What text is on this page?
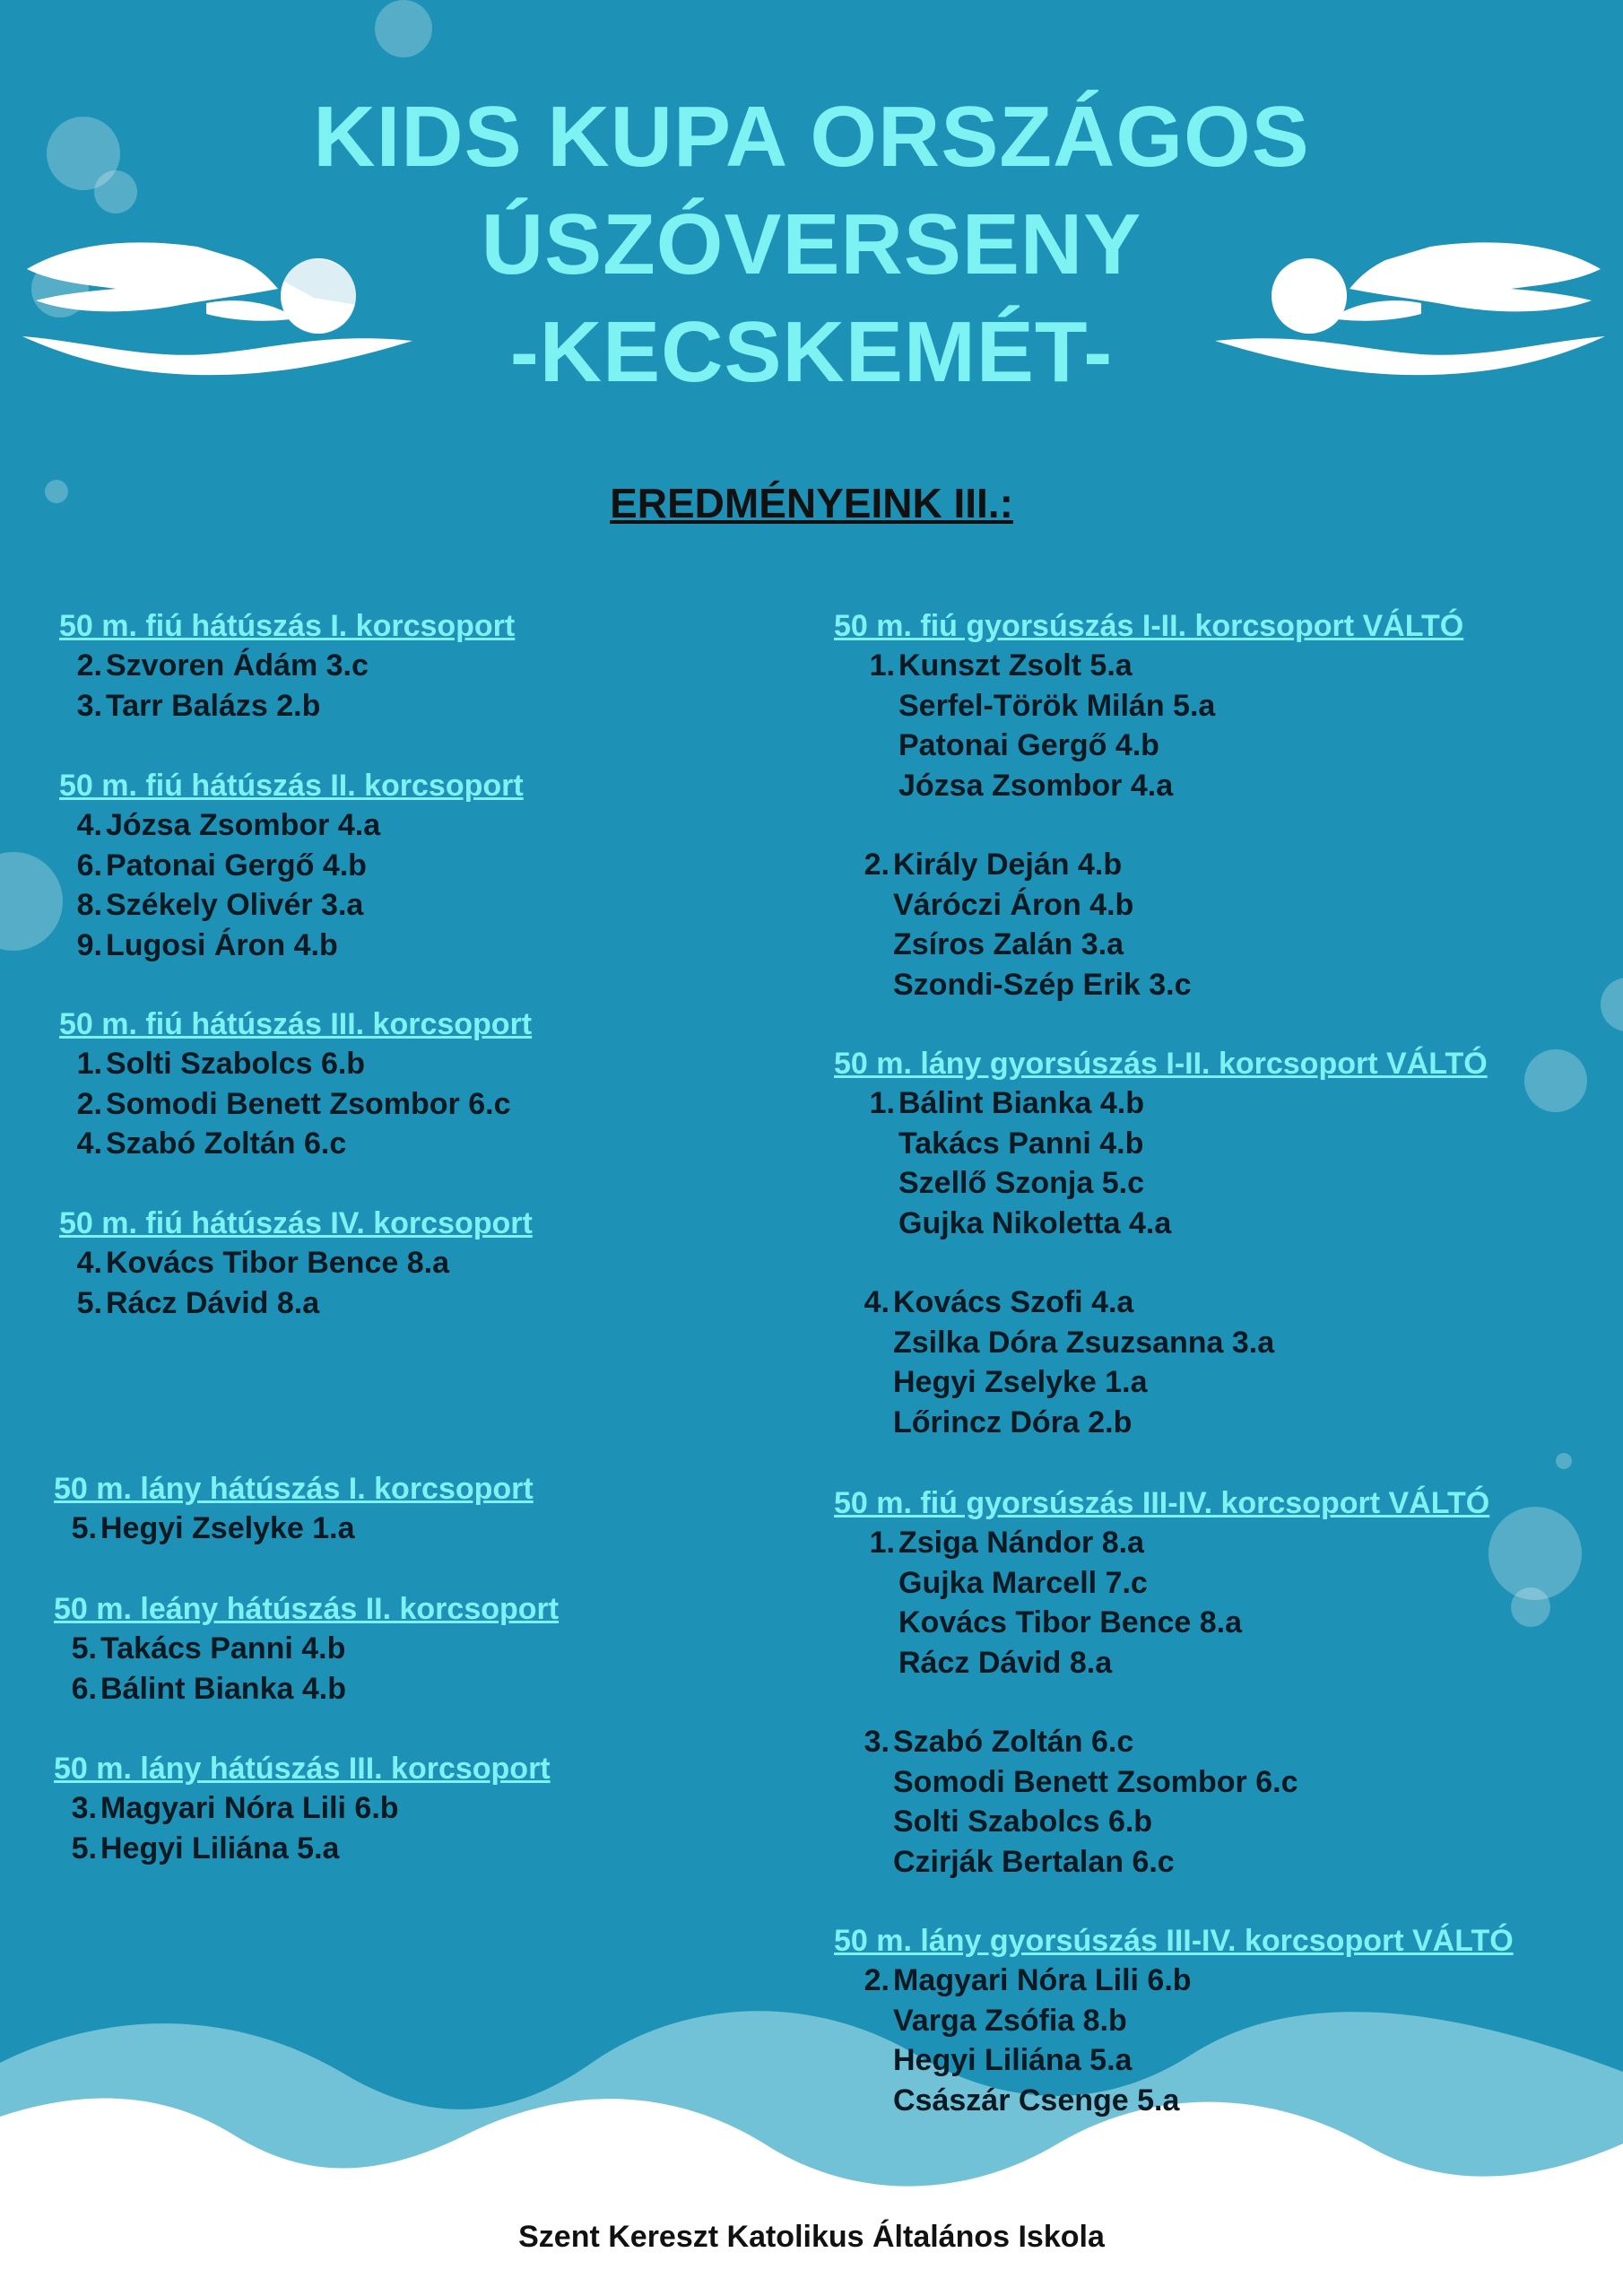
KIDS KUPA ORSZÁGOS
ÚSZÓVERSENY
-KECSKEMÉT-
EREDMÉNYEINK III.:
50 m. fiú hátúszás I. korcsoport
2. Szvoren Ádám 3.c
3. Tarr Balázs 2.b
50 m. fiú hátúszás II. korcsoport
4. Józsa Zsombor 4.a
6. Patonai Gergő 4.b
8. Székely Olivér 3.a
9. Lugosi Áron 4.b
50 m. fiú hátúszás III. korcsoport
1. Solti Szabolcs 6.b
2. Somodi Benett Zsombor 6.c
4. Szabó Zoltán 6.c
50 m. fiú hátúszás IV. korcsoport
4. Kovács Tibor Bence 8.a
5. Rácz Dávid 8.a
50 m. lány hátúszás I. korcsoport
5. Hegyi Zselyke 1.a
50 m. leány hátúszás II. korcsoport
5. Takács Panni 4.b
6. Bálint Bianka 4.b
50 m. lány hátúszás III. korcsoport
3. Magyari Nóra Lili 6.b
5. Hegyi Liliána 5.a
50 m. fiú gyorsúszás I-II. korcsoport VÁLTÓ
1. Kunszt Zsolt 5.a
Serfel-Török Milán 5.a
Patonai Gergő 4.b
Józsa Zsombor 4.a
2. Király Deján 4.b
Váróczi Áron 4.b
Zsíros Zalán 3.a
Szondi-Szép Erik 3.c
50 m. lány gyorsúszás I-II. korcsoport VÁLTÓ
1. Bálint Bianka 4.b
Takács Panni 4.b
Szellő Szonja 5.c
Gujka Nikoletta 4.a
4. Kovács Szofi 4.a
Zsilka Dóra Zsuzsanna 3.a
Hegyi Zselyke 1.a
Lőrincz Dóra 2.b
50 m. fiú gyorsúszás III-IV. korcsoport VÁLTÓ
1. Zsiga Nándor 8.a
Gujka Marcell 7.c
Kovács Tibor Bence 8.a
Rácz Dávid 8.a
3. Szabó Zoltán 6.c
Somodi Benett Zsombor 6.c
Solti Szabolcs 6.b
Czirják Bertalan 6.c
50 m. lány gyorsúszás III-IV. korcsoport VÁLTÓ
2. Magyari Nóra Lili 6.b
Varga Zsófia 8.b
Hegyi Liliána 5.a
Császár Csenge 5.a
Szent Kereszt Katolikus Általános Iskola
